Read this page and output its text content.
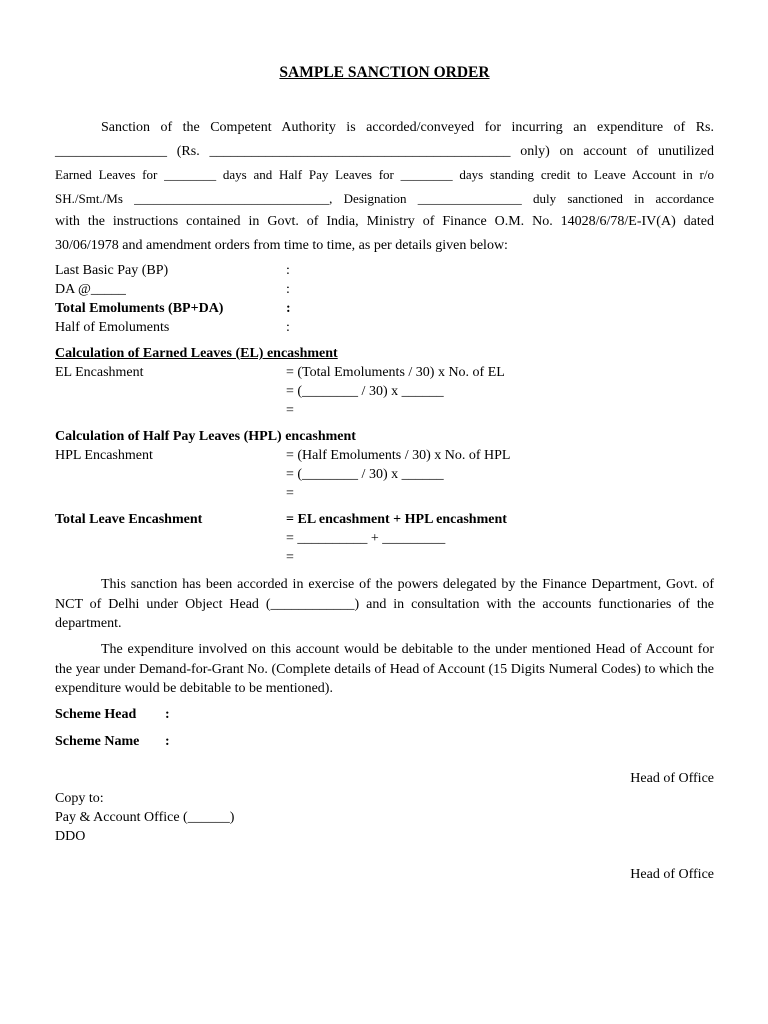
SAMPLE SANCTION ORDER
Sanction of the Competent Authority is accorded/conveyed for incurring an expenditure of Rs.
________________ (Rs. ___________________________________________ only) on account of unutilized
Earned Leaves for ________ days and Half Pay Leaves for ________ days standing credit to Leave Account in r/o
SH./Smt./Ms ______________________________, Designation ________________ duly sanctioned in accordance
with the instructions contained in Govt. of India, Ministry of Finance O.M. No. 14028/6/78/E-IV(A) dated
30/06/1978 and amendment orders from time to time, as per details given below:
Last Basic Pay (BP)	:
DA @_____	:
Total Emoluments (BP+DA)	:
Half of Emoluments	:
Calculation of Earned Leaves (EL) encashment
EL Encashment	= (Total Emoluments / 30) x No. of EL
= (________ / 30) x ______
=
Calculation of Half Pay Leaves (HPL) encashment
HPL Encashment	= (Half Emoluments / 30) x No. of HPL
= (________ / 30) x ______
=
Total Leave Encashment	= EL encashment + HPL encashment
= __________ + _________
=
This sanction has been accorded in exercise of the powers delegated by the Finance Department, Govt. of NCT of Delhi under Object Head (____________) and in consultation with the accounts functionaries of the department.
The expenditure involved on this account would be debitable to the under mentioned Head of Account for the year under Demand-for-Grant No. (Complete details of Head of Account (15 Digits Numeral Codes) to which the expenditure would be debitable to be mentioned).
Scheme Head :
Scheme Name :
Head of Office
Copy to:
Pay & Account Office (______)
DDO
Head of Office
